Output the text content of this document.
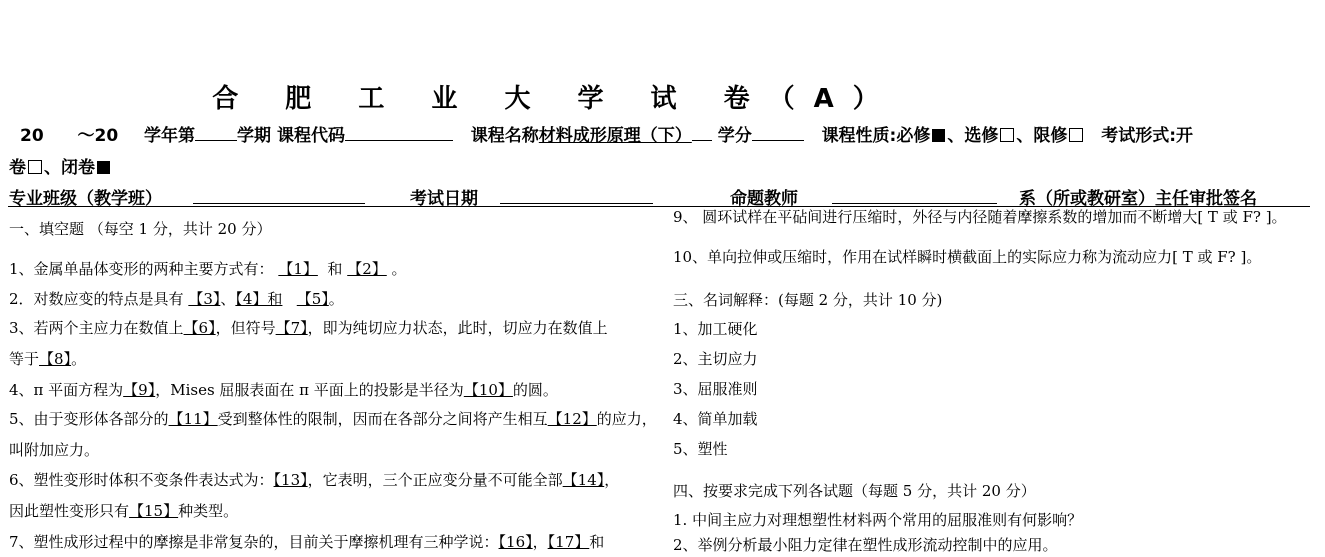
合 肥 工 业 大 学 试 卷（A）
20 ～20 学年第 学期 课程代码	课程名称材料成形原理（下） 学分	课程性质:必修 、选修 、限修 考试形式:开
卷 、闭卷
专业班级（教学班）	考试日期	命题教师	系（所或教研室）主任审批签名
一、填空题 （每空 1 分，共计 20 分）
1、金属单晶体变形的两种主要方式有： 【1】 和 【2】 。
2．对数应变的特点是具有 【3】、【4】和 【5】。
3、若两个主应力在数值上【6】，但符号【7】，即为纯切应力状态，此时，切应力在数值上
等于【8】。
4、π 平面方程为【9】，Mises 屈服表面在 π 平面上的投影是半径为【10】的圆。
5、由于变形体各部分的【11】受到整体性的限制，因而在各部分之间将产生相互【12】的应力，
叫附加应力。
6、塑性变形时体积不变条件表达式为：【13】，它表明，三个正应变分量不可能全部【14】，
因此塑性变形只有【15】种类型。
7、塑性成形过程中的摩擦是非常复杂的，目前关于摩擦机理有三种学说：【16】，【17】和
9、 圆环试样在平砧间进行压缩时，外径与内径随着摩擦系数的增加而不断增大[ T 或 F? ]。
10、单向拉伸或压缩时，作用在试样瞬时横截面上的实际应力称为流动应力[ T 或 F? ]。
三、名词解释：(每题 2 分，共计 10 分)
1、加工硬化
2、主切应力
3、屈服准则
4、简单加载
5、塑性
四、按要求完成下列各试题（每题 5 分，共计 20 分）
1. 中间主应力对理想塑性材料两个常用的屈服准则有何影响？
2、举例分析最小阻力定律在塑性成形流动控制中的应用。
